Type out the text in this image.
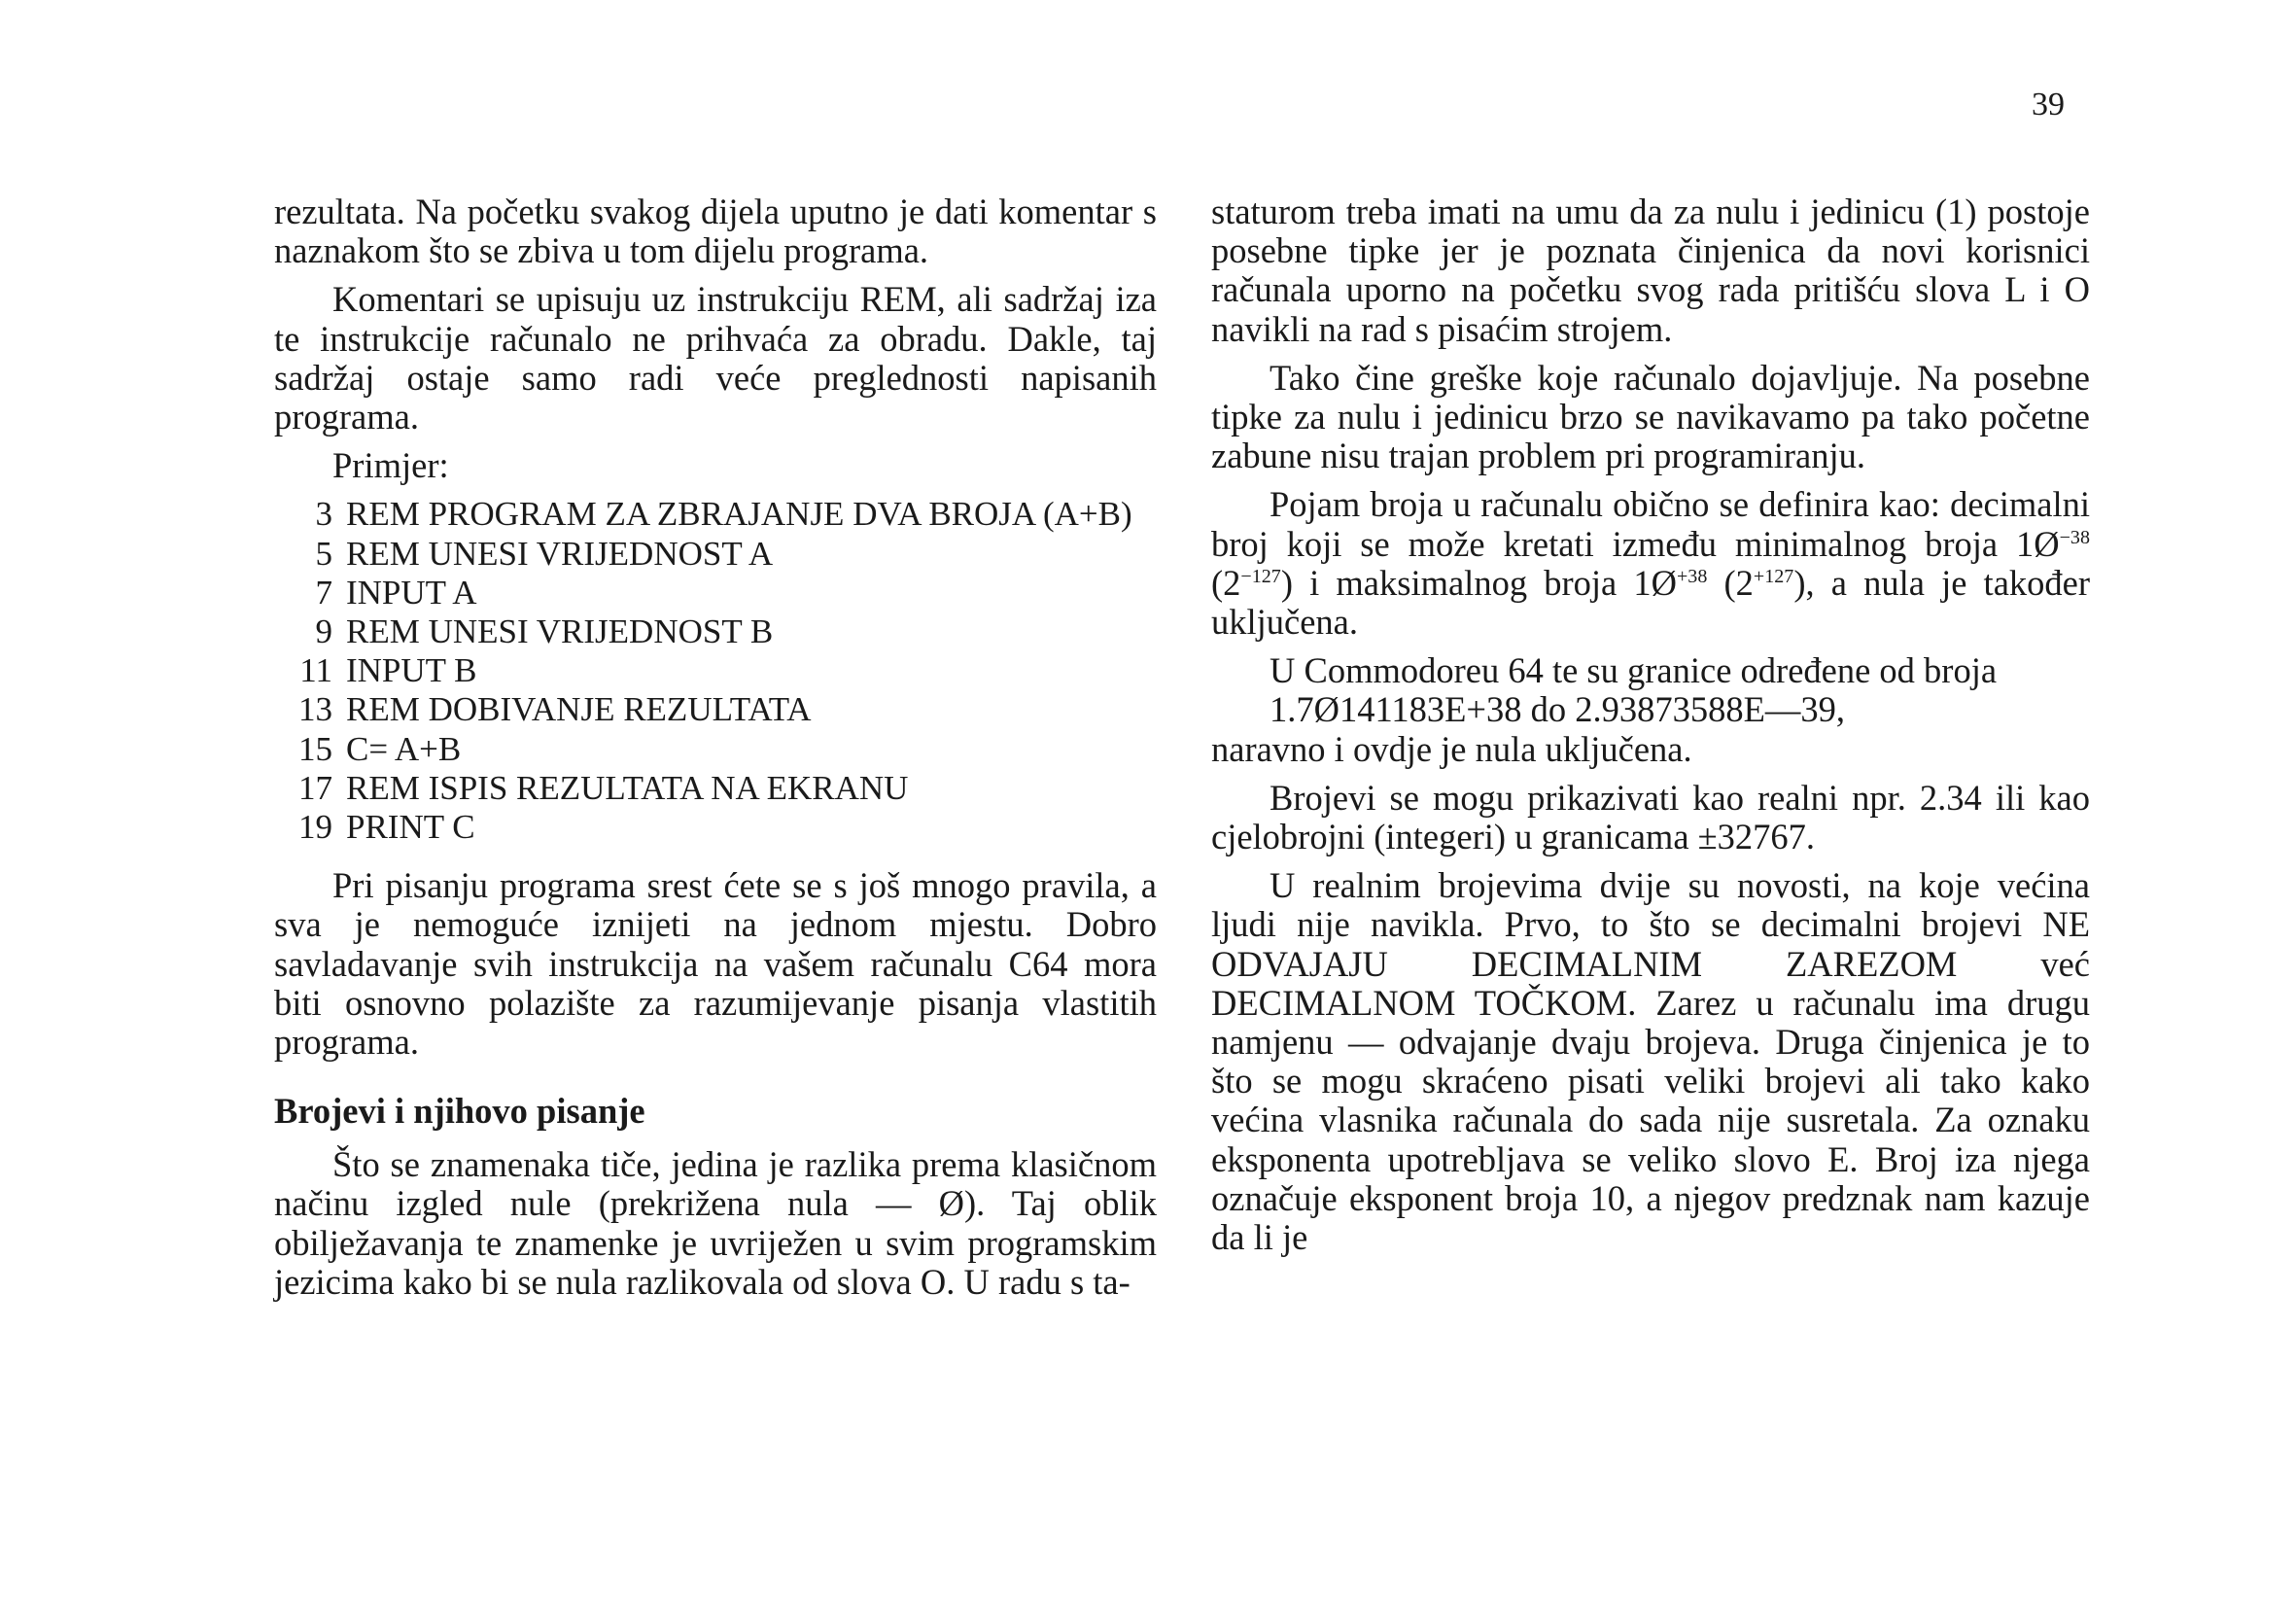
39

rezultata. Na početku svakog dijela uputno je dati komentar s naznakom što se zbiva u tom dijelu programa.

Komentari se upisuju uz instrukciju REM, ali sadržaj iza te instrukcije računalo ne prihvaća za obradu. Dakle, taj sadržaj ostaje samo radi veće preglednosti napisanih programa.

Primjer:

3 REM PROGRAM ZA ZBRAJANJE DVA BROJA (A+B)
5 REM UNESI VRIJEDNOST A
7 INPUT A
9 REM UNESI VRIJEDNOST B
11 INPUT B
13 REM DOBIVANJE REZULTATA
15 C= A+B
17 REM ISPIS REZULTATA NA EKRANU
19 PRINT C

Pri pisanju programa srest ćete se s još mnogo pravila, a sva je nemoguće iznijeti na jednom mjestu. Dobro savladavanje svih instrukcija na vašem računalu C64 mora biti osnovno polazište za razumijevanje pisanja vlastitih programa.

Brojevi i njihovo pisanje

Što se znamenaka tiče, jedina je razlika prema klasičnom načinu izgled nule (prekrižena nula — Ø). Taj oblik obilježavanja te znamenke je uvriježen u svim programskim jezicima kako bi se nula razlikovala od slova O. U radu s ta-

staturom treba imati na umu da za nulu i jedinicu (1) postoje posebne tipke jer je poznata činjenica da novi korisnici računala uporno na početku svog rada pritišću slova L i O navikli na rad s pisaćim strojem.

Tako čine greške koje računalo dojavljuje. Na posebne tipke za nulu i jedinicu brzo se navikavamo pa tako početne zabune nisu trajan problem pri programiranju.

Pojam broja u računalu obično se definira kao: decimalni broj koji se može kretati između minimalnog broja $1Ø^{-38}$ $(2^{-127})$ i maksimalnog broja $1Ø^{+38}$ $(2^{+127})$, a nula je također uključena.

U Commodoreu 64 te su granice određene od broja

1.7Ø141183E+38 do 2.93873588E—39,

naravno i ovdje je nula uključena.

Brojevi se mogu prikazivati kao realni npr. 2.34 ili kao cjelobrojni (integeri) u granicama ±32767.

U realnim brojevima dvije su novosti, na koje većina ljudi nije navikla. Prvo, to što se decimalni brojevi NE ODVAJAJU DECIMALNIM ZAREZOM već DECIMALNOM TOČKOM. Zarez u računalu ima drugu namjenu — odvajanje dvaju brojeva. Druga činjenica je to što se mogu skraćeno pisati veliki brojevi ali tako kako većina vlasnika računala do sada nije susretala. Za oznaku eksponenta upotrebljava se veliko slovo E. Broj iza njega označuje eksponent broja 10, a njegov predznak nam kazuje da li je
